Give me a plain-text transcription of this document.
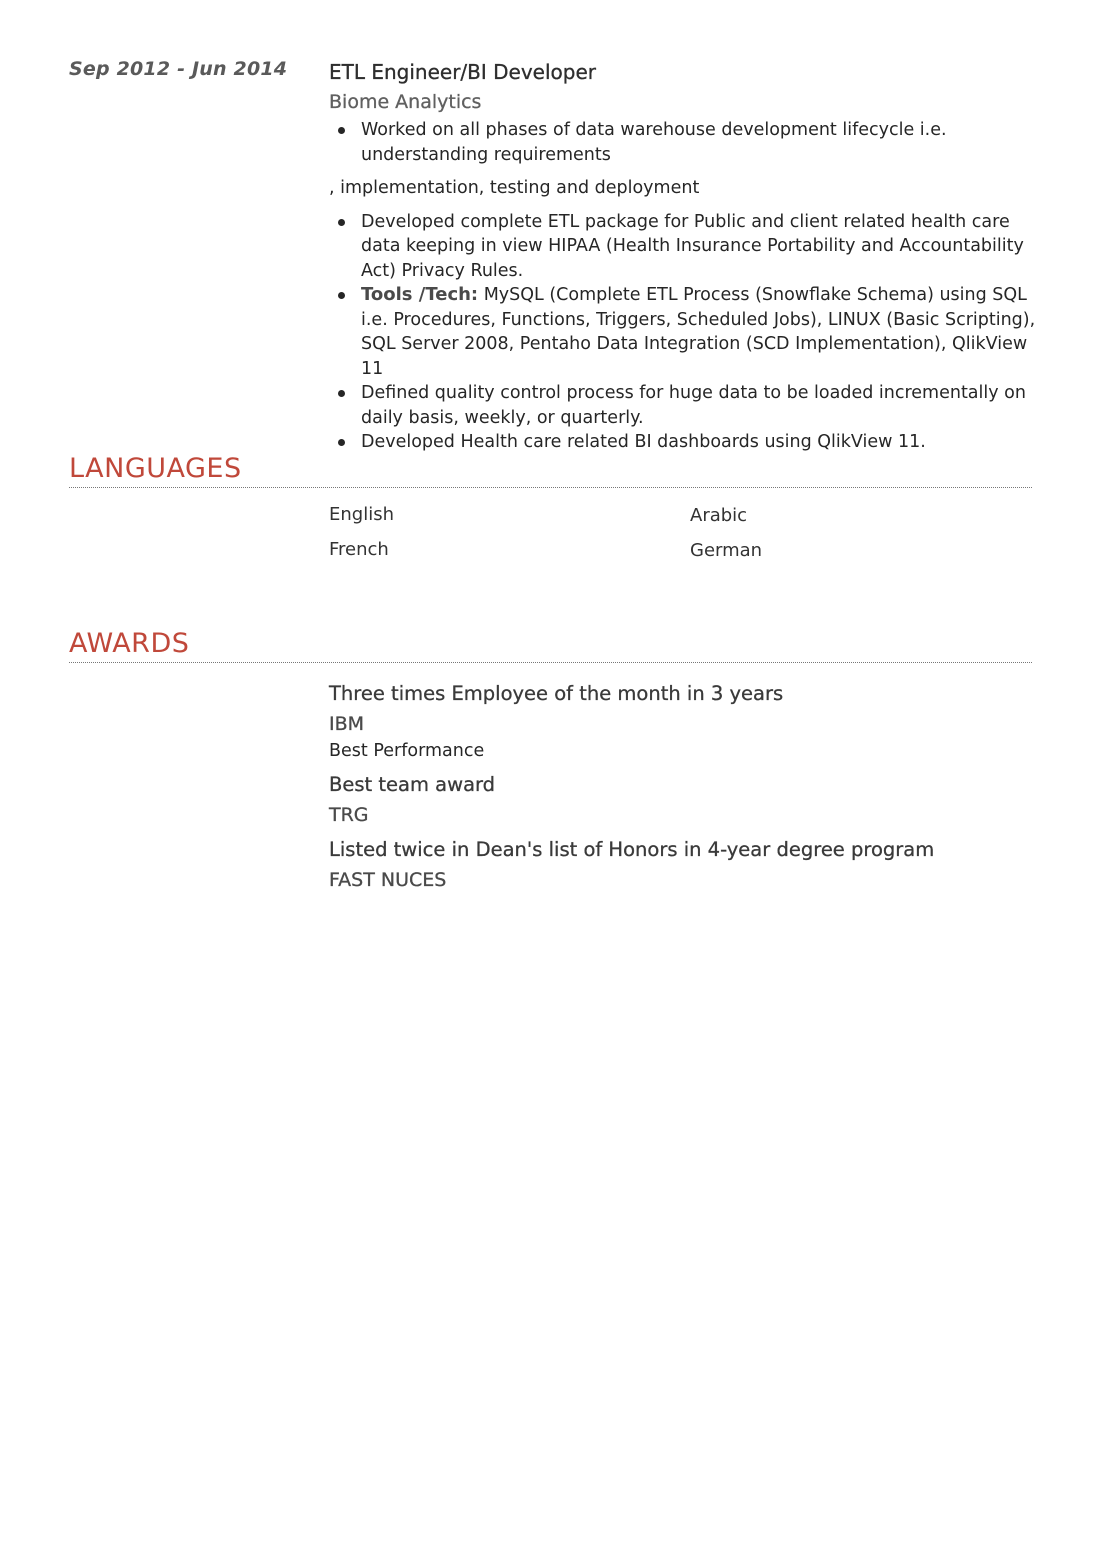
Sep 2012 - Jun 2014 ETL Engineer/BI Developer
Biome Analytics
Worked on all phases of data warehouse development lifecycle i.e. understanding requirements
, implementation, testing and deployment
Developed complete ETL package for Public and client related health care data keeping in view HIPAA (Health Insurance Portability and Accountability Act) Privacy Rules.
Tools /Tech: MySQL (Complete ETL Process (Snowflake Schema) using SQL i.e. Procedures, Functions, Triggers, Scheduled Jobs), LINUX (Basic Scripting), SQL Server 2008, Pentaho Data Integration (SCD Implementation), QlikView 11
Defined quality control process for huge data to be loaded incrementally on daily basis, weekly, or quarterly.
Developed Health care related BI dashboards using QlikView 11.
LANGUAGES
English	Arabic
French	German
AWARDS
Three times Employee of the month in 3 years
IBM
Best Performance
Best team award
TRG
Listed twice in Dean's list of Honors in 4-year degree program
FAST NUCES
